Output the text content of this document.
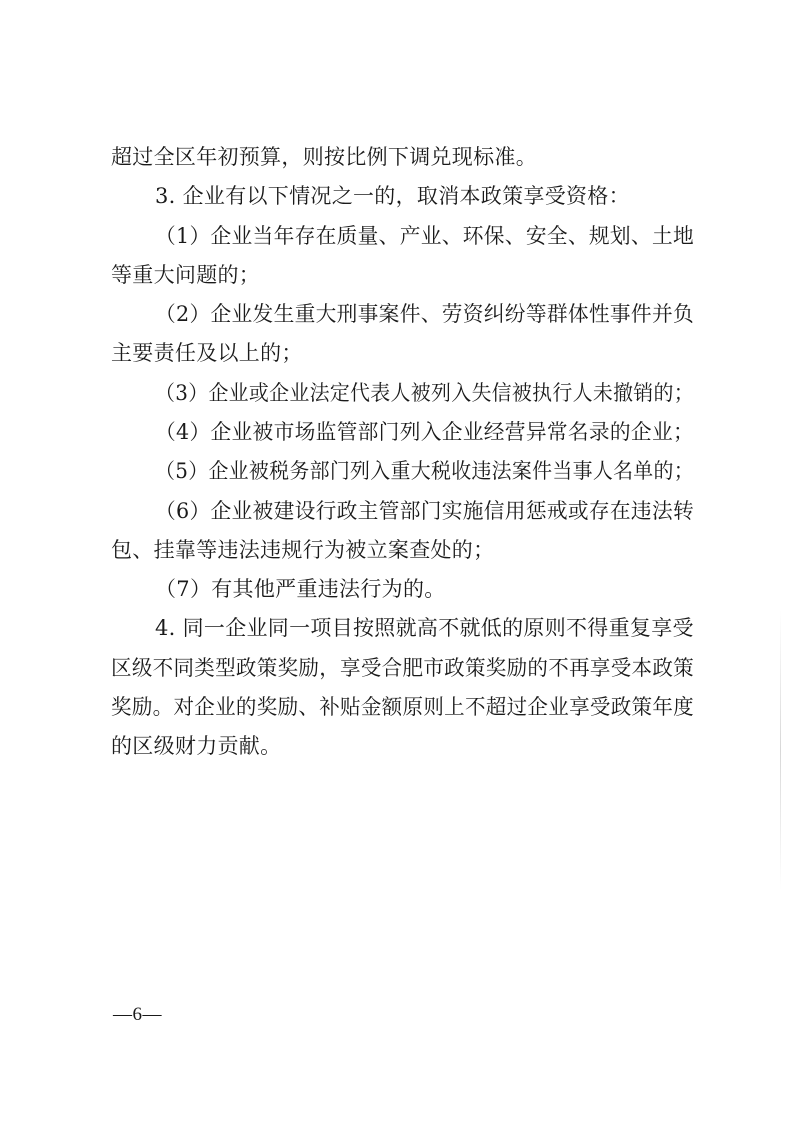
超过全区年初预算，则按比例下调兑现标准。
3. 企业有以下情况之一的，取消本政策享受资格：
（1）企业当年存在质量、产业、环保、安全、规划、土地
等重大问题的；
（2）企业发生重大刑事案件、劳资纠纷等群体性事件并负
主要责任及以上的；
（3）企业或企业法定代表人被列入失信被执行人未撤销的；
（4）企业被市场监管部门列入企业经营异常名录的企业；
（5）企业被税务部门列入重大税收违法案件当事人名单的；
（6）企业被建设行政主管部门实施信用惩戒或存在违法转
包、挂靠等违法违规行为被立案查处的；
（7）有其他严重违法行为的。
4. 同一企业同一项目按照就高不就低的原则不得重复享受
区级不同类型政策奖励，享受合肥市政策奖励的不再享受本政策
奖励。对企业的奖励、补贴金额原则上不超过企业享受政策年度
的区级财力贡献。
—6—
